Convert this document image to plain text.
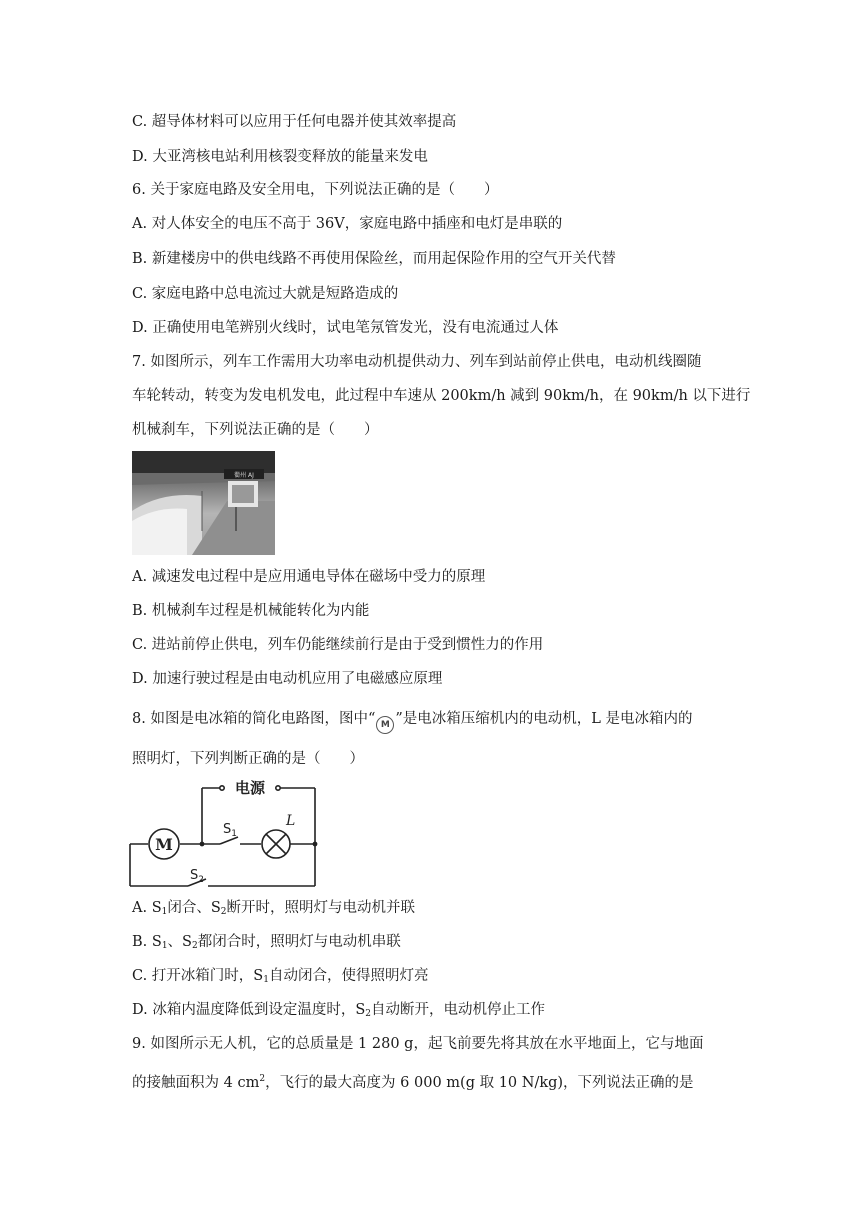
C. 超导体材料可以应用于任何电器并使其效率提高
D. 大亚湾核电站利用核裂变释放的能量来发电
6. 关于家庭电路及安全用电，下列说法正确的是（　　）
A. 对人体安全的电压不高于 36V，家庭电路中插座和电灯是串联的
B. 新建楼房中的供电线路不再使用保险丝，而用起保险作用的空气开关代替
C. 家庭电路中总电流过大就是短路造成的
D. 正确使用电笔辨别火线时，试电笔氖管发光，没有电流通过人体
7. 如图所示，列车工作需用大功率电动机提供动力、列车到站前停止供电，电动机线圈随
车轮转动，转变为发电机发电，此过程中车速从 200km/h 减到 90km/h，在 90km/h 以下进行
机械刹车，下列说法正确的是（　　）
衢州 AJ
A. 减速发电过程中是应用通电导体在磁场中受力的原理
B. 机械刹车过程是机械能转化为内能
C. 进站前停止供电，列车仍能继续前行是由于受到惯性力的作用
D. 加速行驶过程是由电动机应用了电磁感应原理
8. 如图是电冰箱的简化电路图，图中“ M ”是电冰箱压缩机内的电动机，L 是电冰箱内的
照明灯，下列判断正确的是（　　）
电源
M
$S_1$
L
$S_2$
A. $S_1$闭合、$S_2$断开时，照明灯与电动机并联
B. $S_1$、$S_2$都闭合时，照明灯与电动机串联
C. 打开冰箱门时，$S_1$自动闭合，使得照明灯亮
D. 冰箱内温度降低到设定温度时，$S_2$自动断开，电动机停止工作
9. 如图所示无人机，它的总质量是 1 280 g，起飞前要先将其放在水平地面上，它与地面
的接触面积为 4 $cm^2$，飞行的最大高度为 6 000 m(g 取 10 N/kg)，下列说法正确的是
